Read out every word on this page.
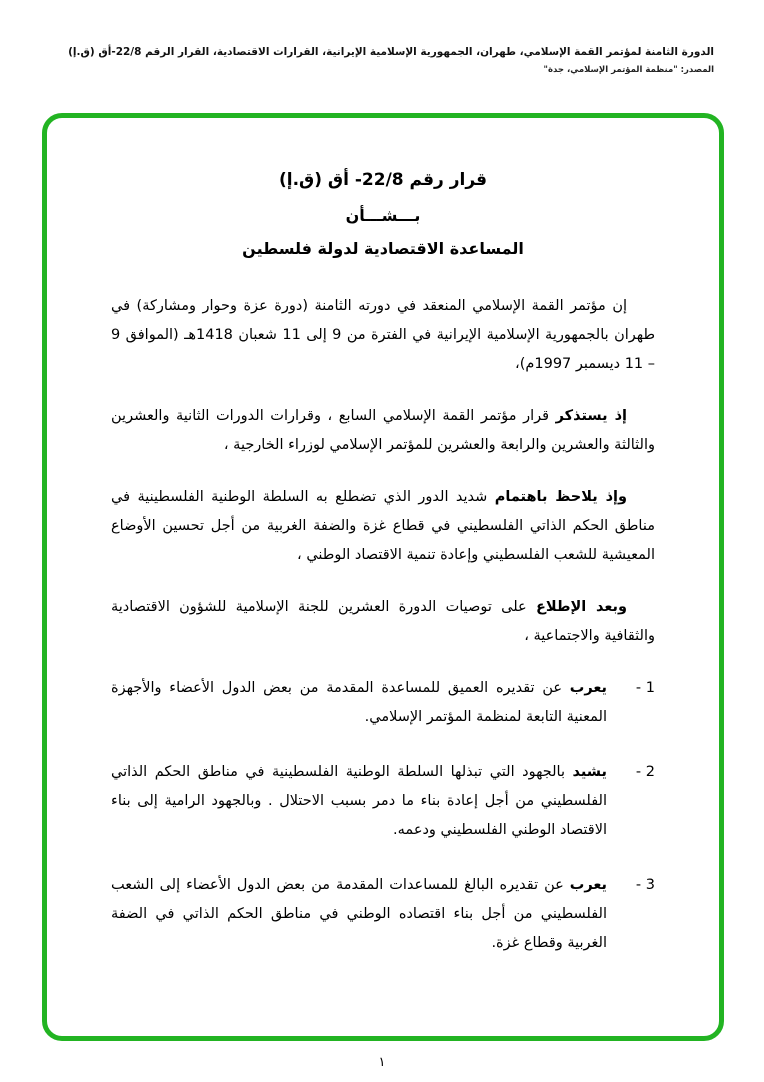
الدورة الثامنة لمؤتمر القمة الإسلامي، طهران، الجمهورية الإسلامية الإيرانية، القرارات الاقتصادية، القرار الرقم 22/8-أق (ق.إ)
المصدر: "منظمة المؤتمر الإسلامي، جدة"
قرار رقم 22/8- أق (ق.إ)
بـــشـــأن
المساعدة الاقتصادية لدولة فلسطين

إن مؤتمر القمة الإسلامي المنعقد في دورته الثامنة (دورة عزة وحوار ومشاركة) في طهران بالجمهورية الإسلامية الإيرانية في الفترة من 9 إلى 11 شعبان 1418هـ (الموافق 9 – 11 ديسمبر 1997م)،

إذ يستذكر قرار مؤتمر القمة الإسلامي السابع ، وقرارات الدورات الثانية والعشرين والثالثة والعشرين والرابعة والعشرين للمؤتمر الإسلامي لوزراء الخارجية ،

وإذ يلاحظ باهتمام شديد الدور الذي تضطلع به السلطة الوطنية الفلسطينية في مناطق الحكم الذاتي الفلسطيني في قطاع غزة والضفة الغربية من أجل تحسين الأوضاع المعيشية للشعب الفلسطيني وإعادة تنمية الاقتصاد الوطني ،

وبعد الإطلاع على توصيات الدورة العشرين للجنة الإسلامية للشؤون الاقتصادية والثقافية والاجتماعية ،

- 1
يعرب عن تقديره العميق للمساعدة المقدمة من بعض الدول الأعضاء والأجهزة المعنية التابعة لمنظمة المؤتمر الإسلامي.
- 2
يشيد بالجهود التي تبذلها السلطة الوطنية الفلسطينية في مناطق الحكم الذاتي الفلسطيني من أجل إعادة بناء ما دمر بسبب الاحتلال . وبالجهود الرامية إلى بناء الاقتصاد الوطني الفلسطيني ودعمه.
- 3
يعرب عن تقديره البالغ للمساعدات المقدمة من بعض الدول الأعضاء إلى الشعب الفلسطيني من أجل بناء اقتصاده الوطني في مناطق الحكم الذاتي في الضفة الغربية وقطاع غزة.
١
